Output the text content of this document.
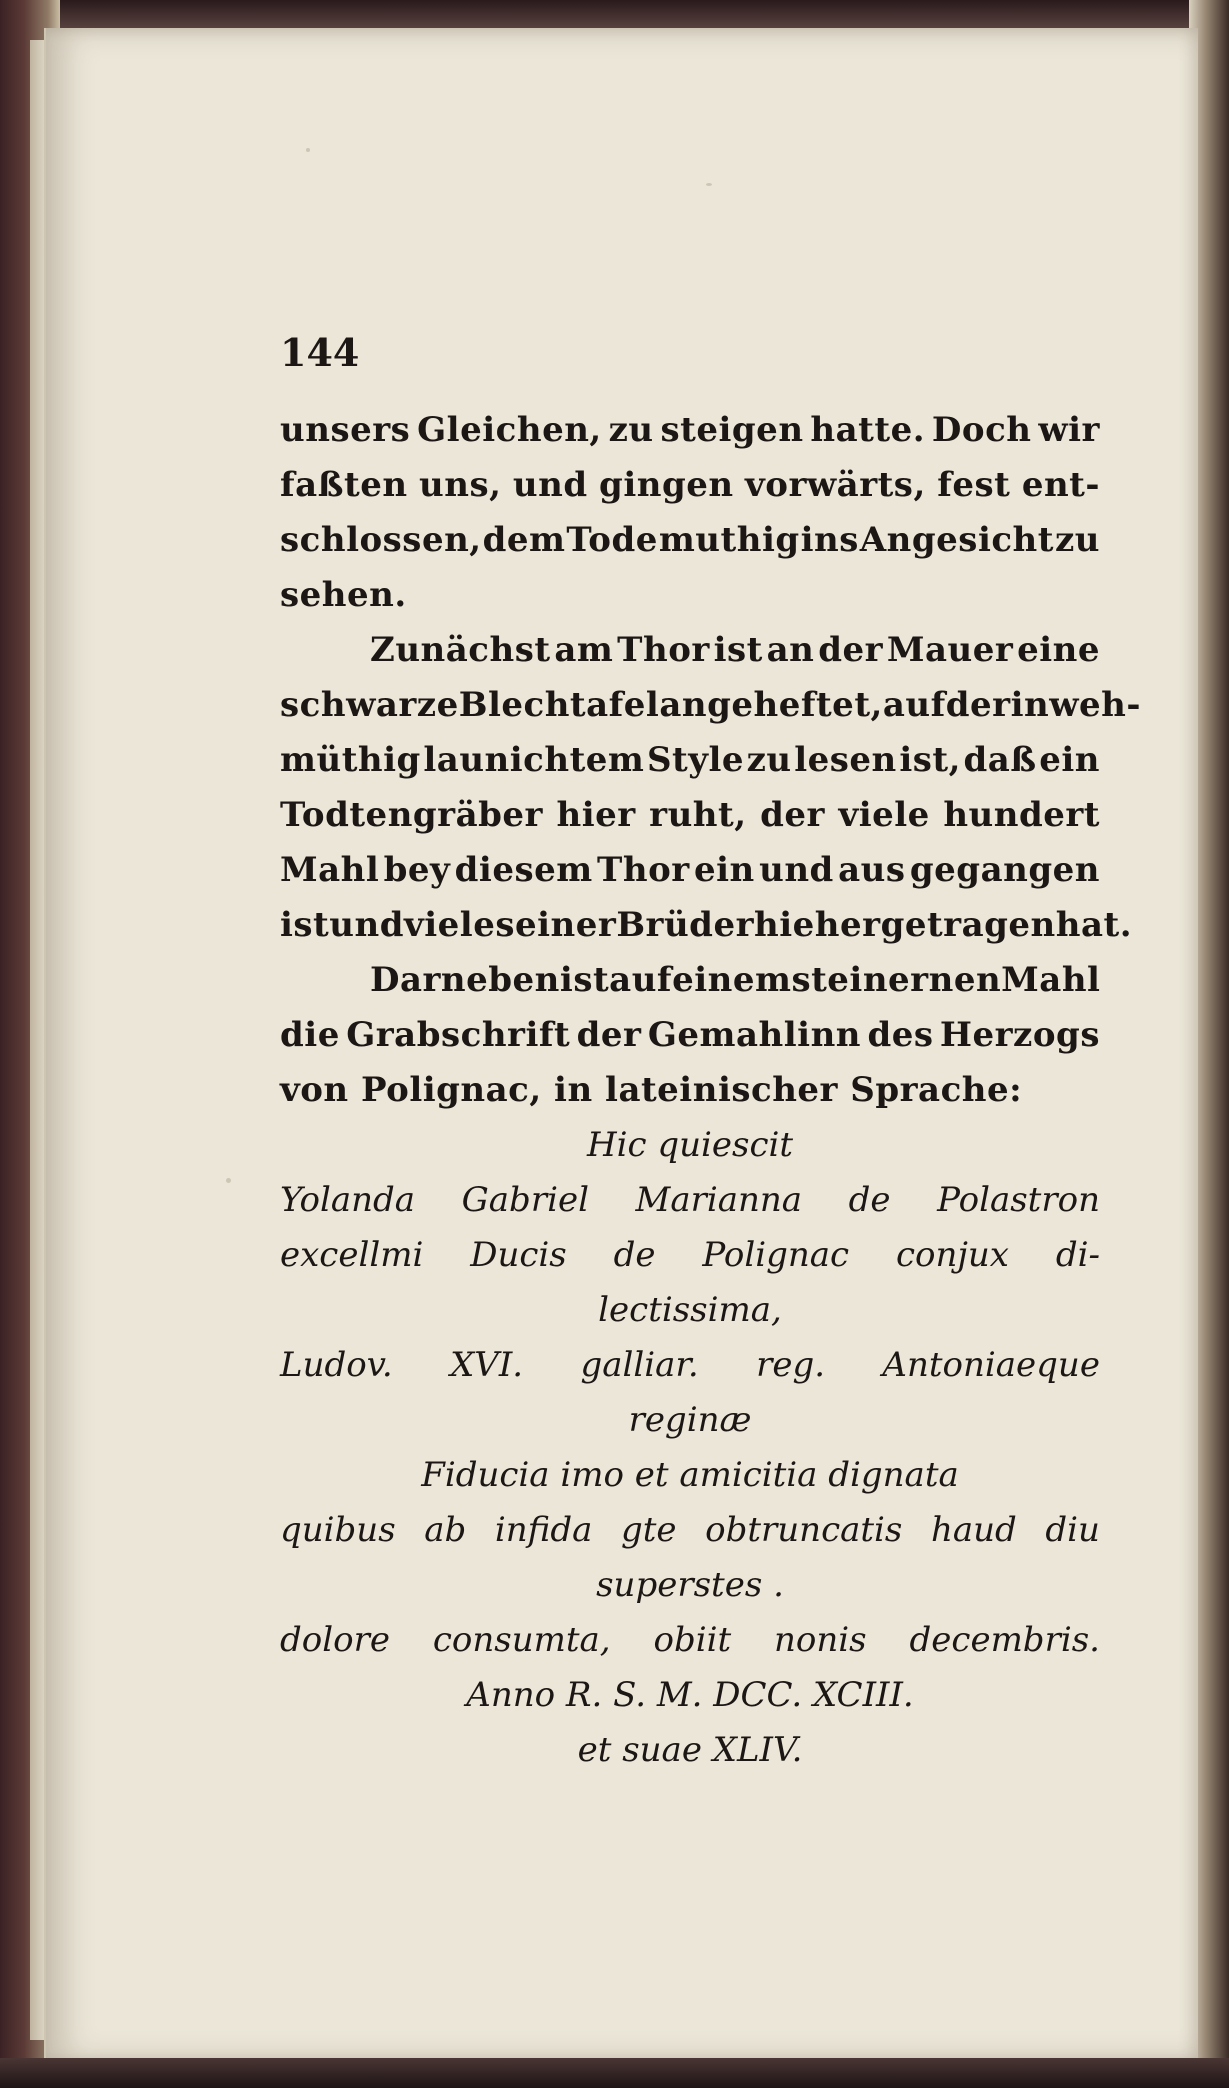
144
unsers Gleichen, zu steigen hatte. Doch wir
faßten uns, und gingen vorwärts, fest ent-
schlossen, dem Tode muthig ins Angesicht zu
sehen.
Zunächst am Thor ist an der Mauer eine
schwarze Blechtafel angeheftet, auf der in weh-
müthig launichtem Style zu lesen ist, daß ein
Todtengräber hier ruht, der viele hundert
Mahl bey diesem Thor ein und aus gegangen
ist und viele seiner Brüder hieher getragen hat.
Darneben ist auf einem steinernen Mahl
die Grabschrift der Gemahlinn des Herzogs
von Polignac, in lateinischer Sprache:
Hic quiescit
Yolanda Gabriel Marianna de Polastron
excellmi Ducis de Polignac conjux di-
lectissima,
Ludov. XVI. galliar. reg. Antoniaeque
reginæ
Fiducia imo et amicitia dignata
quibus ab infida gte obtruncatis haud diu
superstes .
dolore consumta, obiit nonis decembris.
Anno R. S. M. DCC. XCIII.
et suae XLIV.
